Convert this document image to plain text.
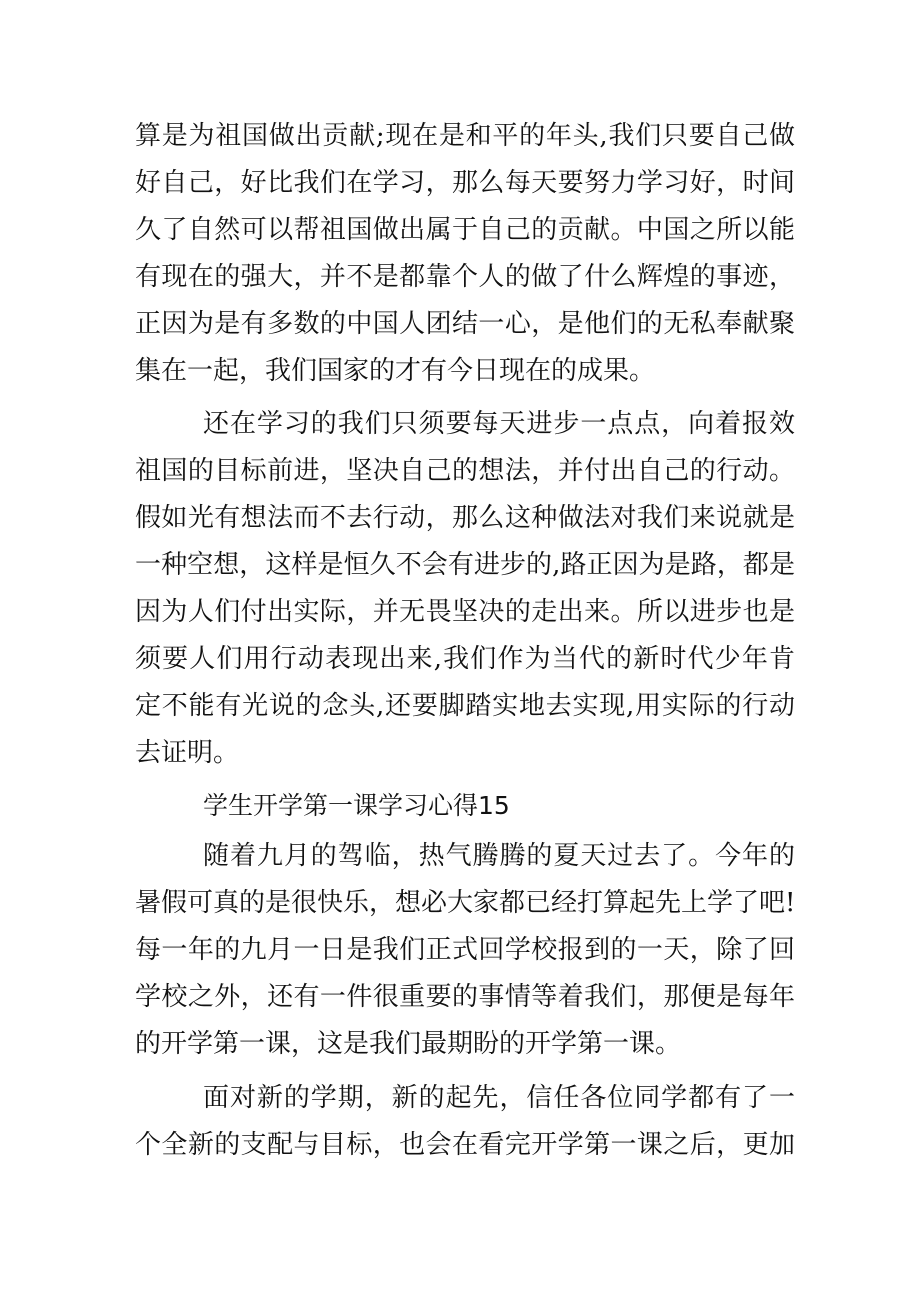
算是为祖国做出贡献;现在是和平的年头,我们只要自己做
好自己，好比我们在学习，那么每天要努力学习好，时间
久了自然可以帮祖国做出属于自己的贡献。中国之所以能
有现在的强大，并不是都靠个人的做了什么辉煌的事迹，
正因为是有多数的中国人团结一心，是他们的无私奉献聚
集在一起，我们国家的才有今日现在的成果。
还在学习的我们只须要每天进步一点点，向着报效
祖国的目标前进，坚决自己的想法，并付出自己的行动。
假如光有想法而不去行动，那么这种做法对我们来说就是
一种空想，这样是恒久不会有进步的,路正因为是路，都是
因为人们付出实际，并无畏坚决的走出来。所以进步也是
须要人们用行动表现出来,我们作为当代的新时代少年肯
定不能有光说的念头,还要脚踏实地去实现,用实际的行动
去证明。
学生开学第一课学习心得15
随着九月的驾临，热气腾腾的夏天过去了。今年的
暑假可真的是很快乐，想必大家都已经打算起先上学了吧!
每一年的九月一日是我们正式回学校报到的一天，除了回
学校之外，还有一件很重要的事情等着我们，那便是每年
的开学第一课，这是我们最期盼的开学第一课。
面对新的学期，新的起先，信任各位同学都有了一
个全新的支配与目标，也会在看完开学第一课之后，更加
